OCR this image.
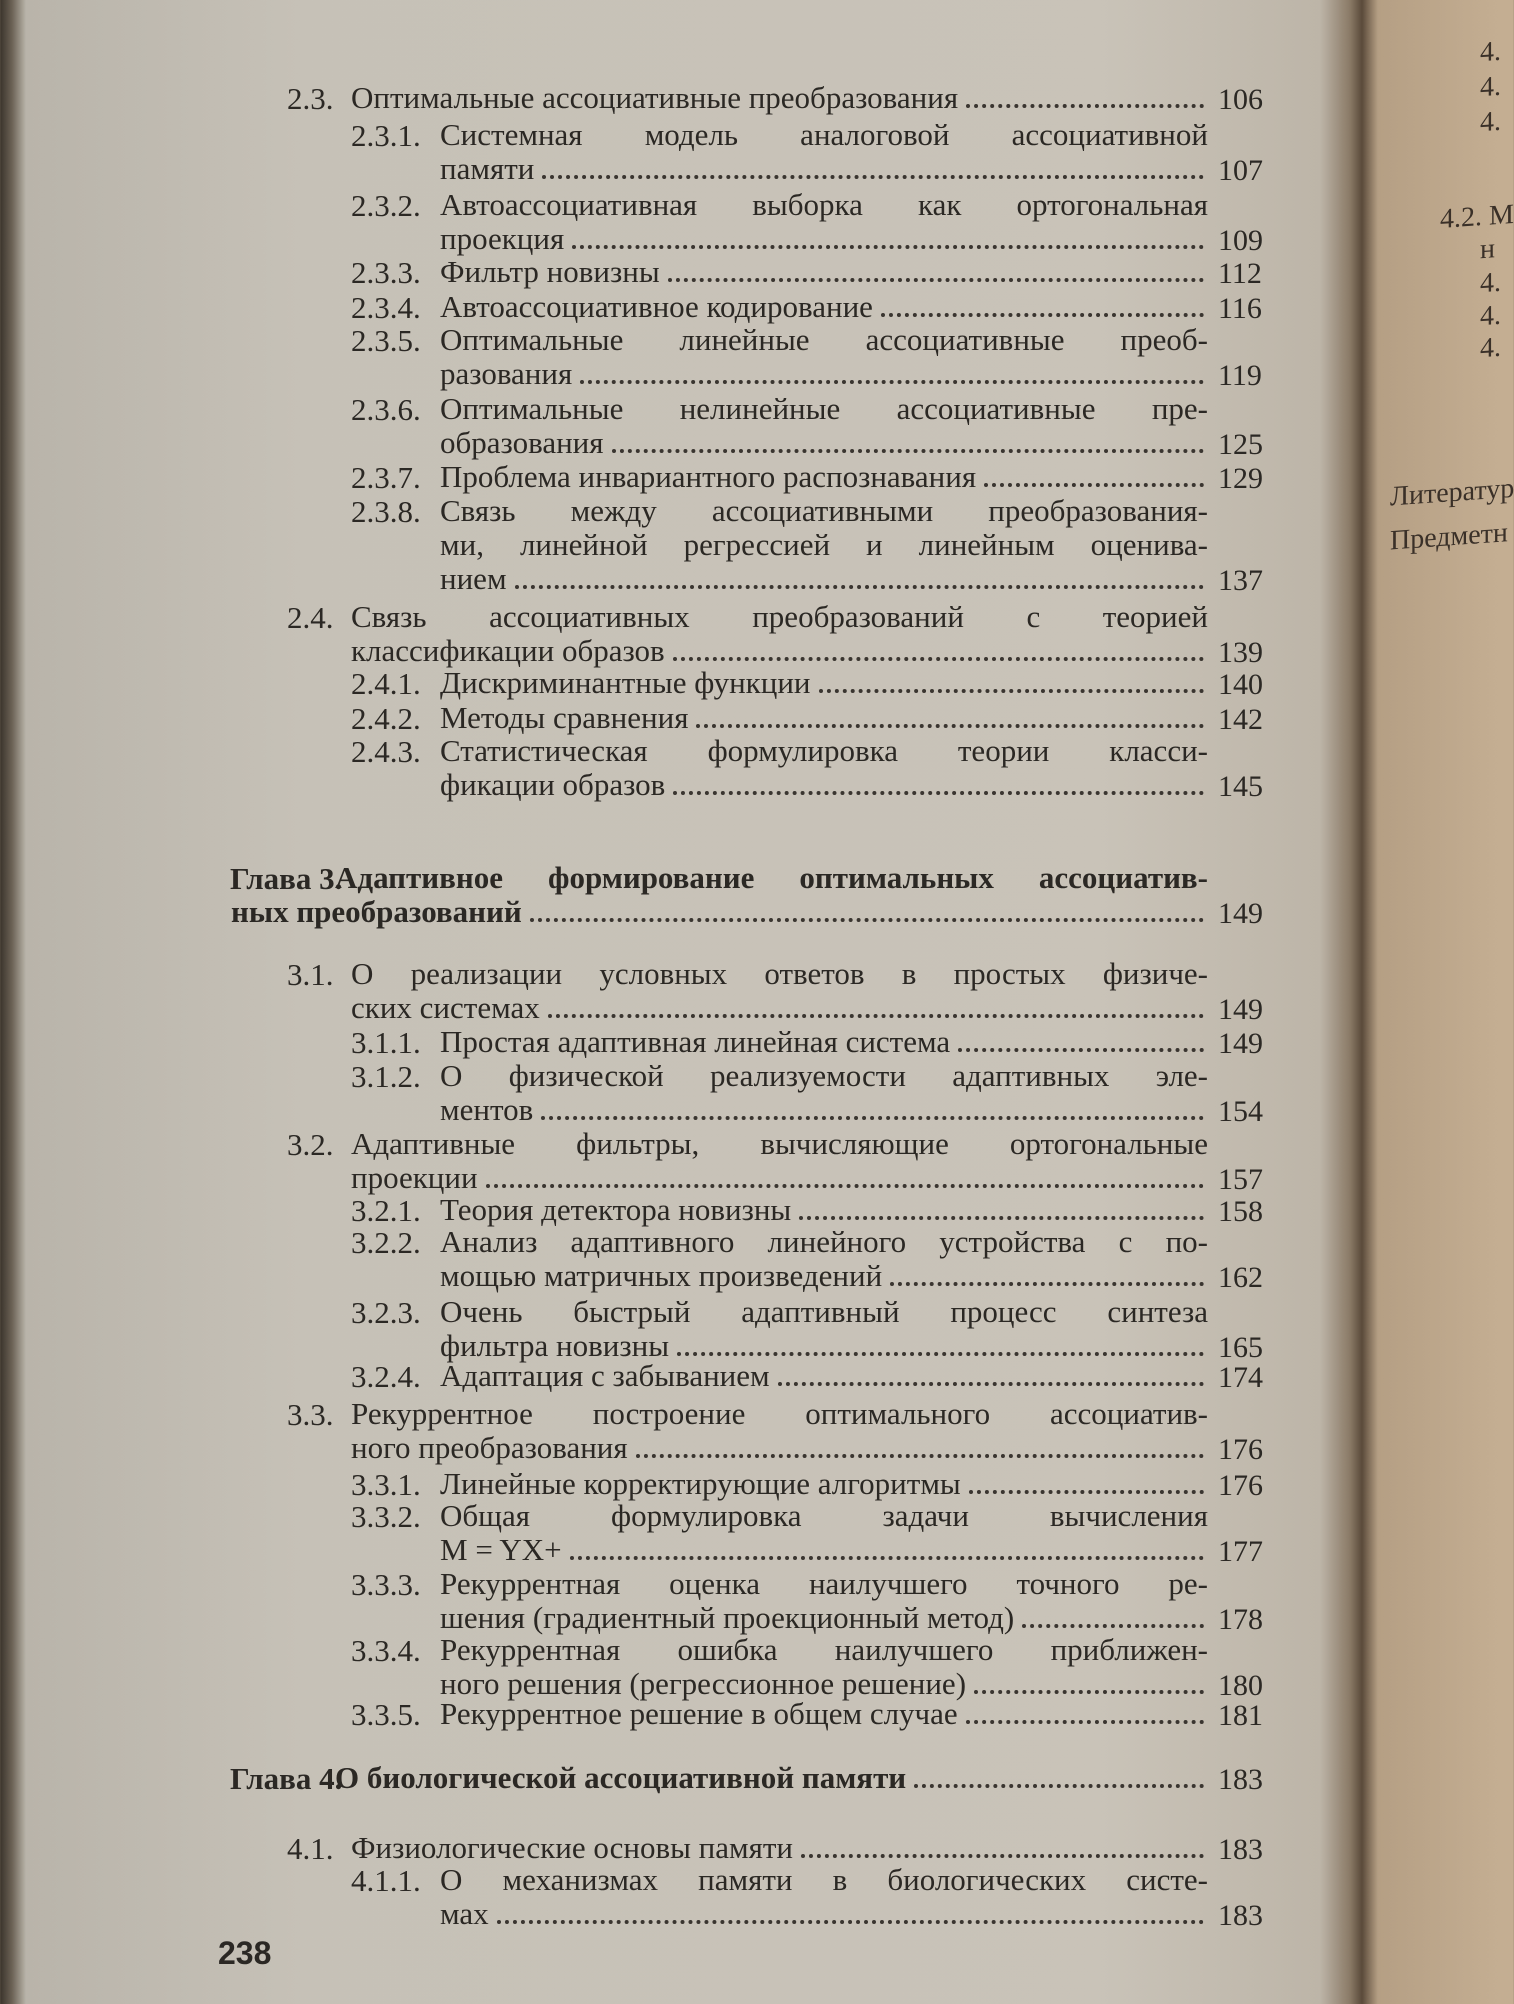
2.3. Оптимальные ассоциативные преобразования	106
2.3.1. Системная модель аналоговой ассоциативной
памяти	107
2.3.2. Автоассоциативная выборка как ортогональная
проекция	109
2.3.3. Фильтр новизны	112
2.3.4. Автоассоциативное кодирование	116
2.3.5. Оптимальные линейные ассоциативные преоб-
разования	119
2.3.6. Оптимальные нелинейные ассоциативные пре-
образования	125
2.3.7. Проблема инвариантного распознавания	129
2.3.8. Связь между ассоциативными преобразования-
ми, линейной регрессией и линейным оценива-
нием	137
2.4. Связь ассоциативных преобразований с теорией
классификации образов	139
2.4.1. Дискриминантные функции	140
2.4.2. Методы сравнения	142
2.4.3. Статистическая формулировка теории класси-
фикации образов	145
Глава 3.
Адаптивное формирование оптимальных ассоциатив-
ных преобразований	149
3.1. О реализации условных ответов в простых физиче-
ских системах	149
3.1.1. Простая адаптивная линейная система	149
3.1.2. О физической реализуемости адаптивных эле-
ментов	154
3.2. Адаптивные фильтры, вычисляющие ортогональные
проекции	157
3.2.1. Теория детектора новизны	158
3.2.2. Анализ адаптивного линейного устройства с по-
мощью матричных произведений	162
3.2.3. Очень быстрый адаптивный процесс синтеза
фильтра новизны	165
3.2.4. Адаптация с забыванием	174
3.3. Рекуррентное построение оптимального ассоциатив-
ного преобразования	176
3.3.1. Линейные корректирующие алгоритмы	176
3.3.2. Общая формулировка задачи вычисления
M = YX+	177
3.3.3. Рекуррентная оценка наилучшего точного ре-
шения (градиентный проекционный метод)	178
3.3.4. Рекуррентная ошибка наилучшего приближен-
ного решения (регрессионное решение)	180
3.3.5. Рекуррентное решение в общем случае	181
Глава 4.
О биологической ассоциативной памяти	183
4.1. Физиологические основы памяти	183
4.1.1. О механизмах памяти в биологических систе-
мах	183
238
4.
4.
4.
4.2. М
н
4.
4.
4.
Литератур
Предметн
